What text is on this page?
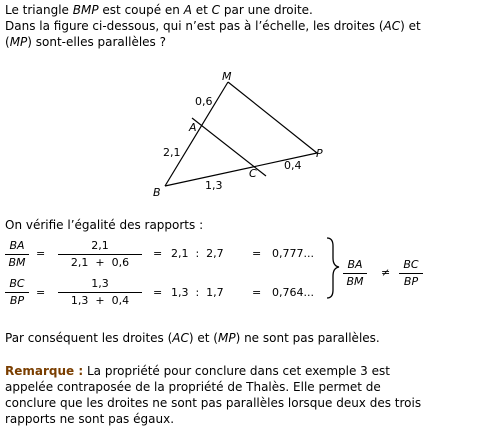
Le triangle BMP est coupé en A et C par une droite.
Dans la figure ci-dessous, qui n’est pas à l’échelle, les droites (AC) et
(MP) sont-elles parallèles ?
M
A
B
C
P
0,6
2,1
1,3
0,4
On vérifie l’égalité des rapports :
BA
BM
=
2,1
2,1 + 0,6
= 2,1  :  2,7	= 0,777...
BC
BP
=
1,3
1,3 + 0,4
= 1,3  :  1,7	= 0,764...
BA
BM
≠
BC
BP
Par conséquent les droites (AC) et (MP) ne sont pas parallèles.
Remarque : La propriété pour conclure dans cet exemple 3 est
appelée contraposée de la propriété de Thalès. Elle permet de
conclure que les droites ne sont pas parallèles lorsque deux des trois
rapports ne sont pas égaux.
